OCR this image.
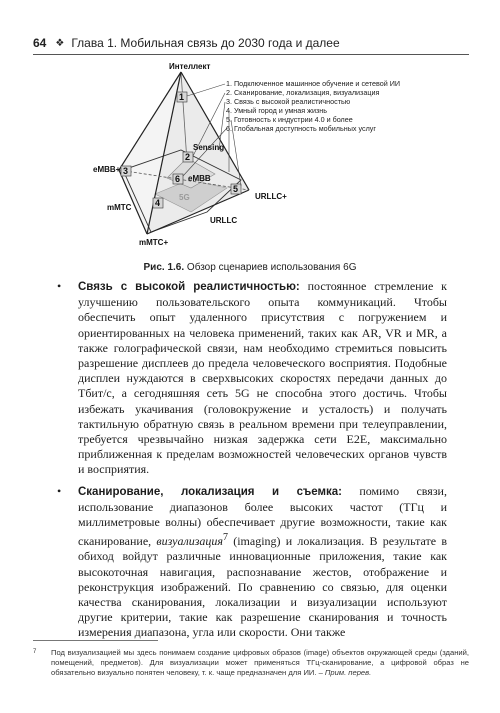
64 ❖ Глава 1. Мобильная связь до 2030 года и далее
Интеллект
1
Sensing
2
eMBB+ 3
6 eMBB
5G
4
5
mMTC
URLLC
URLLC+
mMTC+
1. Подключенное машинное обучение и сетевой ИИ
2. Сканирование, локализация, визуализация
3. Связь с высокой реалистичностью
4. Умный город и умная жизнь
5. Готовность к индустрии 4.0 и более
6. Глобальная доступность мобильных услуг
Рис. 1.6. Обзор сценариев использования 6G
• Связь с высокой реалистичностью: постоянное стремление к улучшению пользовательского опыта коммуникаций. Чтобы обеспечить опыт удаленного присутствия с погружением и ориентированных на человека применений, таких как AR, VR и MR, а также голографической связи, нам необходимо стремиться повысить разрешение дисплеев до предела человеческого восприятия. Подобные дисплеи нуждаются в сверхвысоких скоростях передачи данных до Тбит/с, а сегодняшняя сеть 5G не способна этого достичь. Чтобы избежать укачивания (головокружение и усталость) и получать тактильную обратную связь в реальном времени при телеуправлении, требуется чрезвычайно низкая задержка сети E2E, максимально приближенная к пределам возможностей человеческих органов чувств и восприятия.
• Сканирование, локализация и съемка: помимо связи, использование диапазонов более высоких частот (ТГц и миллиметровые волны) обеспечивает другие возможности, такие как сканирование, визуализация$^7$ (imaging) и локализация. В результате в обиход войдут различные инновационные приложения, такие как высокоточная навигация, распознавание жестов, отображение и реконструкция изображений. По сравнению со связью, для оценки качества сканирования, локализации и визуализации используют другие критерии, такие как разрешение сканирования и точность измерения диапазона, угла или скорости. Они также
7	Под визуализацией мы здесь понимаем создание цифровых образов (image) объектов окружающей среды (зданий, помещений, предметов). Для визуализации может применяться ТГц-сканирование, а цифровой образ не обязательно визуально понятен человеку, т. к. чаще предназначен для ИИ. – Прим. перев.
